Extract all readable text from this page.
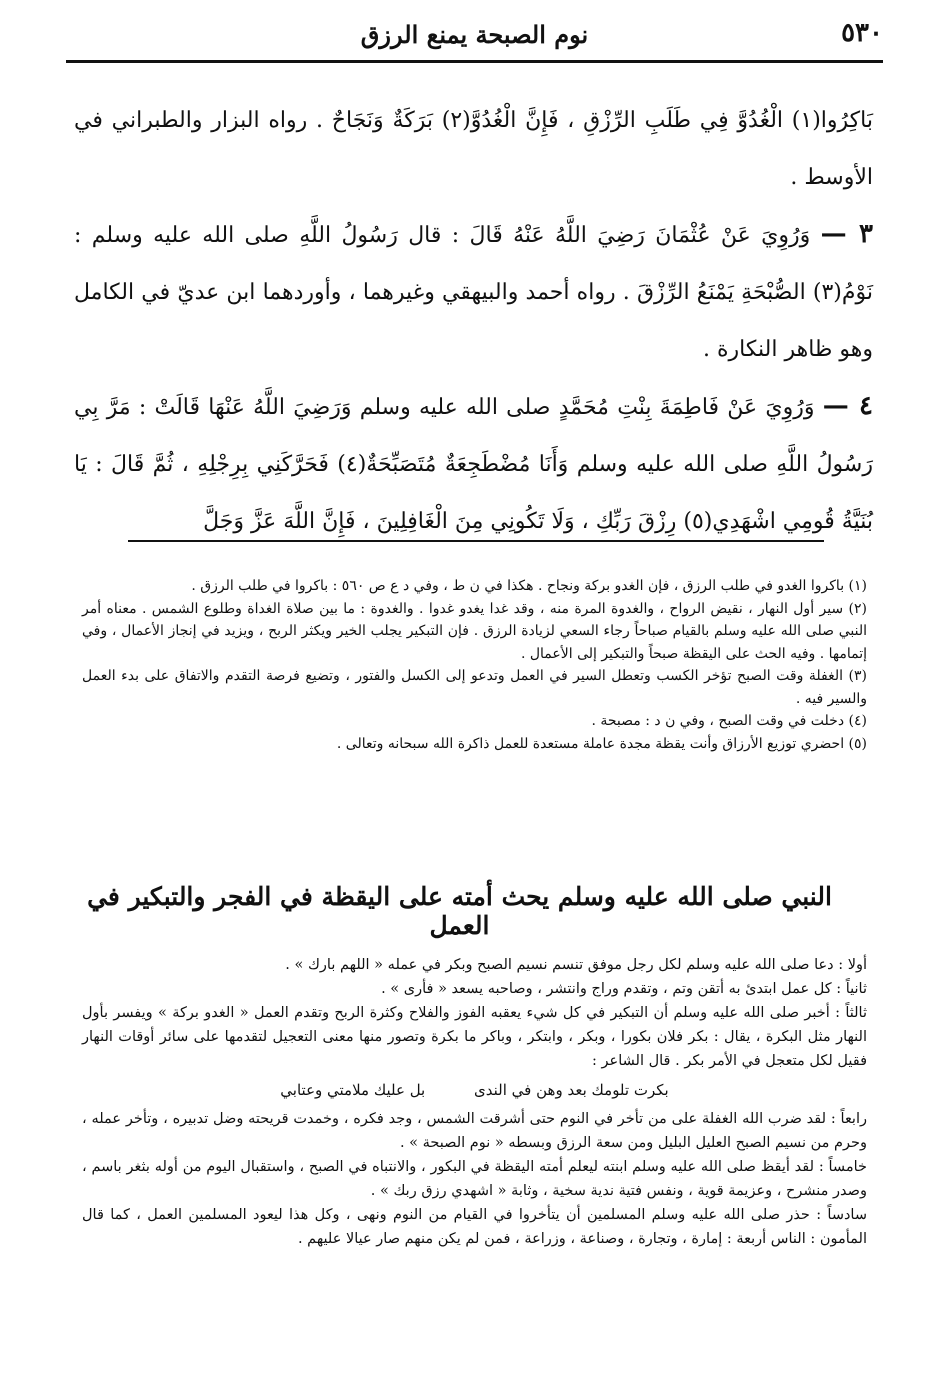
٥٣٠
نوم الصبحة يمنع الرزق

بَاكِرُوا(١) الْغُدُوَّ فِي طَلَبِ الرِّزْقِ ، فَإِنَّ الْغُدُوَّ(٢) بَرَكَةٌ وَنَجَاحٌ . رواه البزار والطبراني في الأوسط .

٣ — وَرُوِيَ عَنْ عُثْمَانَ رَضِيَ اللَّهُ عَنْهُ قَالَ : قال رَسُولُ اللَّهِ صلى الله عليه وسلم : نَوْمُ(٣) الصُّبْحَةِ يَمْنَعُ الرِّزْقَ . رواه أحمد والبيهقي وغيرهما ، وأوردهما ابن عديّ في الكامل وهو ظاهر النكارة .

٤ — وَرُوِيَ عَنْ فَاطِمَةَ بِنْتِ مُحَمَّدٍ صلى الله عليه وسلم وَرَضِيَ اللَّهُ عَنْهَا قَالَتْ : مَرَّ بِي رَسُولُ اللَّهِ صلى الله عليه وسلم وَأَنَا مُضْطَجِعَةٌ مُتَصَبِّحَةٌ(٤) فَحَرَّكَنِي بِرِجْلِهِ ، ثُمَّ قَالَ : يَا بُنَيَّةُ قُومِي اشْهَدِي(٥) رِزْقَ رَبِّكِ ، وَلَا تَكُونِي مِنَ الْغَافِلِينَ ، فَإِنَّ اللَّهَ عَزَّ وَجَلَّ

(١) باكروا الغدو في طلب الرزق ، فإن الغدو بركة ونجاح . هكذا في ن ط ، وفي د ع ص ٥٦٠ : باكروا في طلب الرزق .

(٢) سير أول النهار ، نقيض الرواح ، والغدوة المرة منه ، وقد غدا يغدو غدوا . والغدوة : ما بين صلاة الغداة وطلوع الشمس . معناه أمر النبي صلى الله عليه وسلم بالقيام صباحاً رجاء السعي لزيادة الرزق . فإن التبكير يجلب الخير ويكثر الربح ، ويزيد في إنجاز الأعمال ، وفي إتمامها . وفيه الحث على اليقظة صبحاً والتبكير إلى الأعمال .

(٣) الغفلة وقت الصبح تؤخر الكسب وتعطل السير في العمل وتدعو إلى الكسل والفتور ، وتضيع فرصة التقدم والاتفاق على بدء العمل والسير فيه .

(٤) دخلت في وقت الصبح ، وفي ن د : مصبحة .

(٥) احضري توزيع الأرزاق وأنت يقظة مجدة عاملة مستعدة للعمل ذاكرة الله سبحانه وتعالى .

النبي صلى الله عليه وسلم يحث أمته على اليقظة في الفجر والتبكير في العمل

أولا : دعا صلى الله عليه وسلم لكل رجل موفق تنسم نسيم الصبح وبكر في عمله « اللهم بارك » .

ثانياً : كل عمل ابتدئ به أتقن وتم ، وتقدم وراج وانتشر ، وصاحبه يسعد « فأرى » .

ثالثاً : أخبر صلى الله عليه وسلم أن التبكير في كل شيء يعقبه الفوز والفلاح وكثرة الربح وتقدم العمل « الغدو بركة » ويفسر بأول النهار مثل البكرة ، يقال : بكر فلان بكورا ، وبكر ، وابتكر ، وباكر ما بكرة وتصور منها معنى التعجيل لتقدمها على سائر أوقات النهار فقيل لكل متعجل في الأمر بكر . قال الشاعر :

بكرت تلومك بعد وهن في الندى بل عليك ملامتي وعتابي

رابعاً : لقد ضرب الله الغفلة على من تأخر في النوم حتى أشرقت الشمس ، وجد فكره ، وخمدت قريحته وضل تدبيره ، وتأخر عمله ، وحرم من نسيم الصبح العليل البليل ومن سعة الرزق وبسطه « نوم الصبحة » .

خامساً : لقد أيقظ صلى الله عليه وسلم ابنته ليعلم أمته اليقظة في البكور ، والانتباه في الصبح ، واستقبال اليوم من أوله بثغر باسم ، وصدر منشرح ، وعزيمة قوية ، ونفس فتية ندية سخية ، وثابة « اشهدي رزق ربك » .

سادساً : حذر صلى الله عليه وسلم المسلمين أن يتأخروا في القيام من النوم ونهى ، وكل هذا ليعود المسلمين العمل ، كما قال المأمون : الناس أربعة : إمارة ، وتجارة ، وصناعة ، وزراعة ، فمن لم يكن منهم صار عيالا عليهم .
